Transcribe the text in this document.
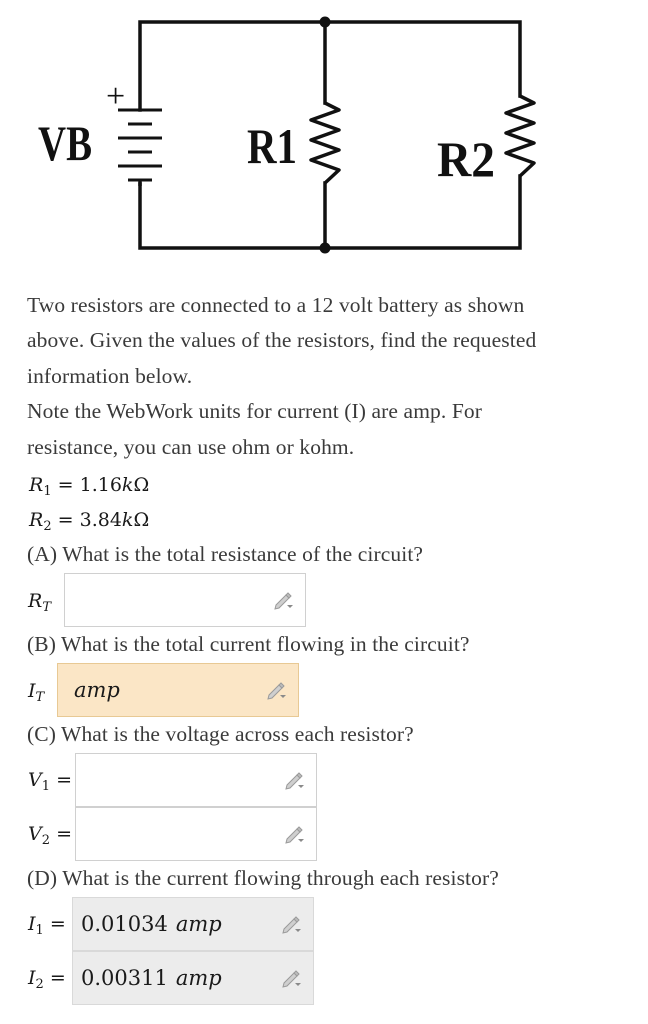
+
VB	R1	R2

Two resistors are connected to a 12 volt battery as shown

above. Given the values of the resistors, find the requested

information below.

Note the WebWork units for current (I) are amp. For

resistance, you can use ohm or kohm.

$R_1 = 1.16k\Omega$
$R_2 = 3.84k\Omega$

(A) What is the total resistance of the circuit?

$R_T$

(B) What is the total current flowing in the circuit?

$I_T$ amp

(C) What is the voltage across each resistor?

$V_1$ =
$V_2$ =

(D) What is the current flowing through each resistor?

$I_1 = 0.01034$ amp
$I_2 = 0.00311$ amp
